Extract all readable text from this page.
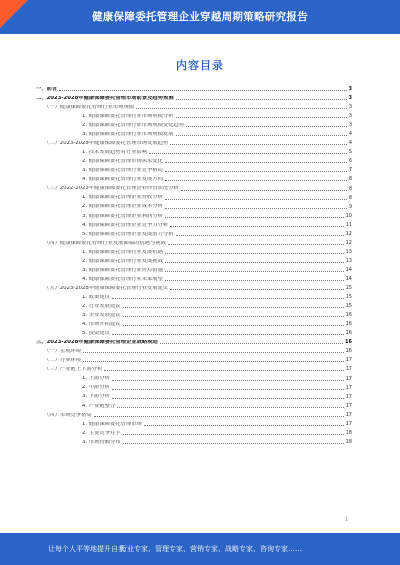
健康保障委托管理企业穿越周期策略研究报告
内容目录
一、前言	3
二、2023-2028年健康保障委托管理市场前景及趋势预测	3
（一）健康保障委托管理行业市场规模	3
1. 健康保障委托管理行业市场规模分析	3
2. 健康保障委托管理行业市场规模变化趋势	3
3. 健康保障委托管理行业市场规模发展	4
（二）2023-2028年健康保障委托管理市场发展趋势	4
1. 技术发展趋势对行业影响	5
2. 健康保障委托管理市场需求变化	6
3. 健康保障委托管理行业竞争格局	7
4. 健康保障委托管理行业发展方向	8
（三）2022-2023年健康保障委托管理企业经营状况分析	8
1. 健康保障委托管理企业营收分析	8
2. 健康保障委托管理企业成本分析	9
3. 健康保障委托管理企业利润分析	10
4. 健康保障委托管理企业竞争力分析	11
5. 健康保障委托管理企业发展潜力分析	12
（四）健康保障委托管理行业发展面临的机遇与挑战	12
1. 健康保障委托管理行业发展机遇	13
2. 健康保障委托管理行业发展挑战	13
3. 健康保障委托管理行业应对措施	14
4. 健康保障委托管理行业未来展望	14
（五）2023-2028年健康保障委托管理行业发展建议	15
1. 政策建议	15
2. 行业发展建议	15
3. 企业发展建议	16
4. 市场开拓建议	16
5. 投资建议	16
三、2023-2028年健康保障委托管理企业战略规划	16
（一）宏观环境	16
（二）行业环境	17
（三）产业链上下游分析	17
1. 上游分析	17
2. 中游分析	17
3. 下游分析	17
4. 产业链整合	17
（四）市场竞争格局	17
1. 健康保障委托管理市场	17
2. 主要竞争对手	18
3. 市场份额分布	18
1
让每个人平等地提升自我
行业专家、管理专家、营销专家、战略专家、咨询专家……
